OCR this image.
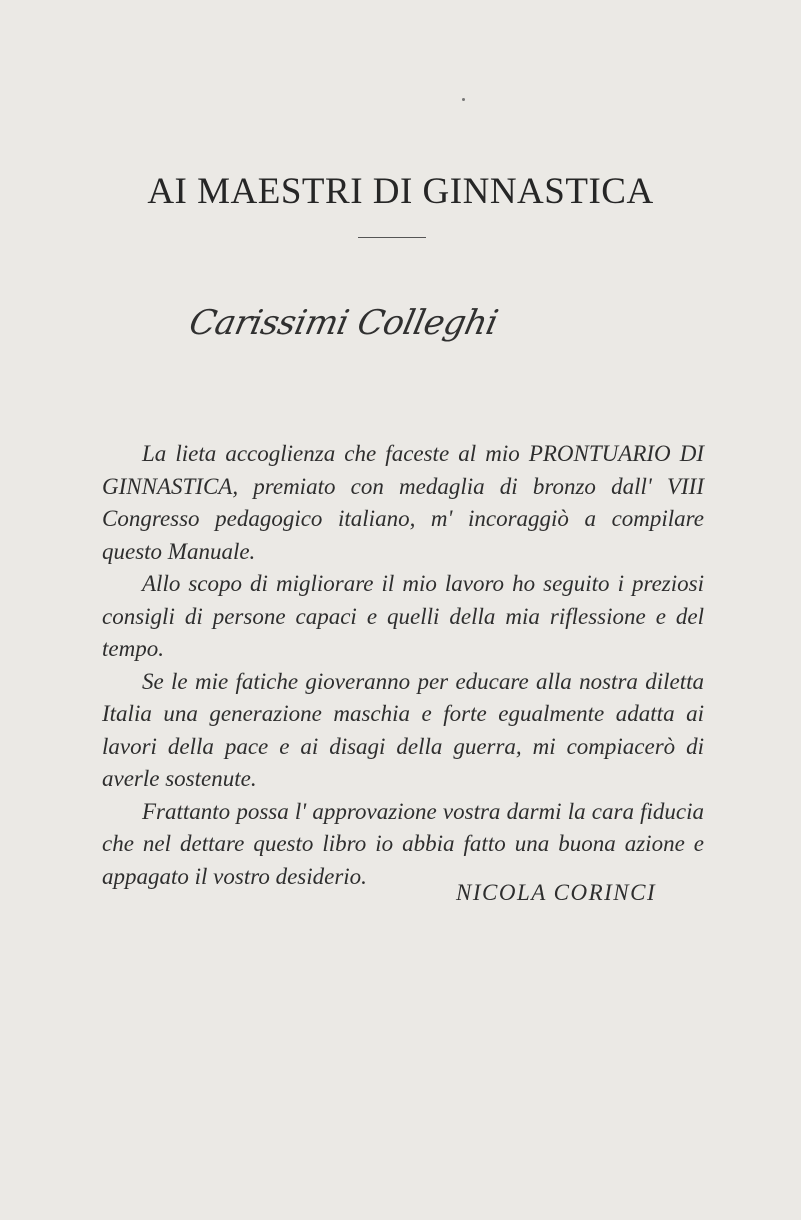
AI MAESTRI DI GINNASTICA
Carissimi Colleghi

La lieta accoglienza che faceste al mio PRONTUARIO DI GINNASTICA, premiato con medaglia di bronzo dall' VIII Congresso pedagogico italiano, m' incoraggiò a compilare questo Manuale.

Allo scopo di migliorare il mio lavoro ho seguito i preziosi consigli di persone capaci e quelli della mia riflessione e del tempo.

Se le mie fatiche gioveranno per educare alla nostra diletta Italia una generazione maschia e forte egualmente adatta ai lavori della pace e ai disagi della guerra, mi compiacerò di averle sostenute.

Frattanto possa l' approvazione vostra darmi la cara fiducia che nel dettare questo libro io abbia fatto una buona azione e appagato il vostro desiderio.

NICOLA CORINCI
